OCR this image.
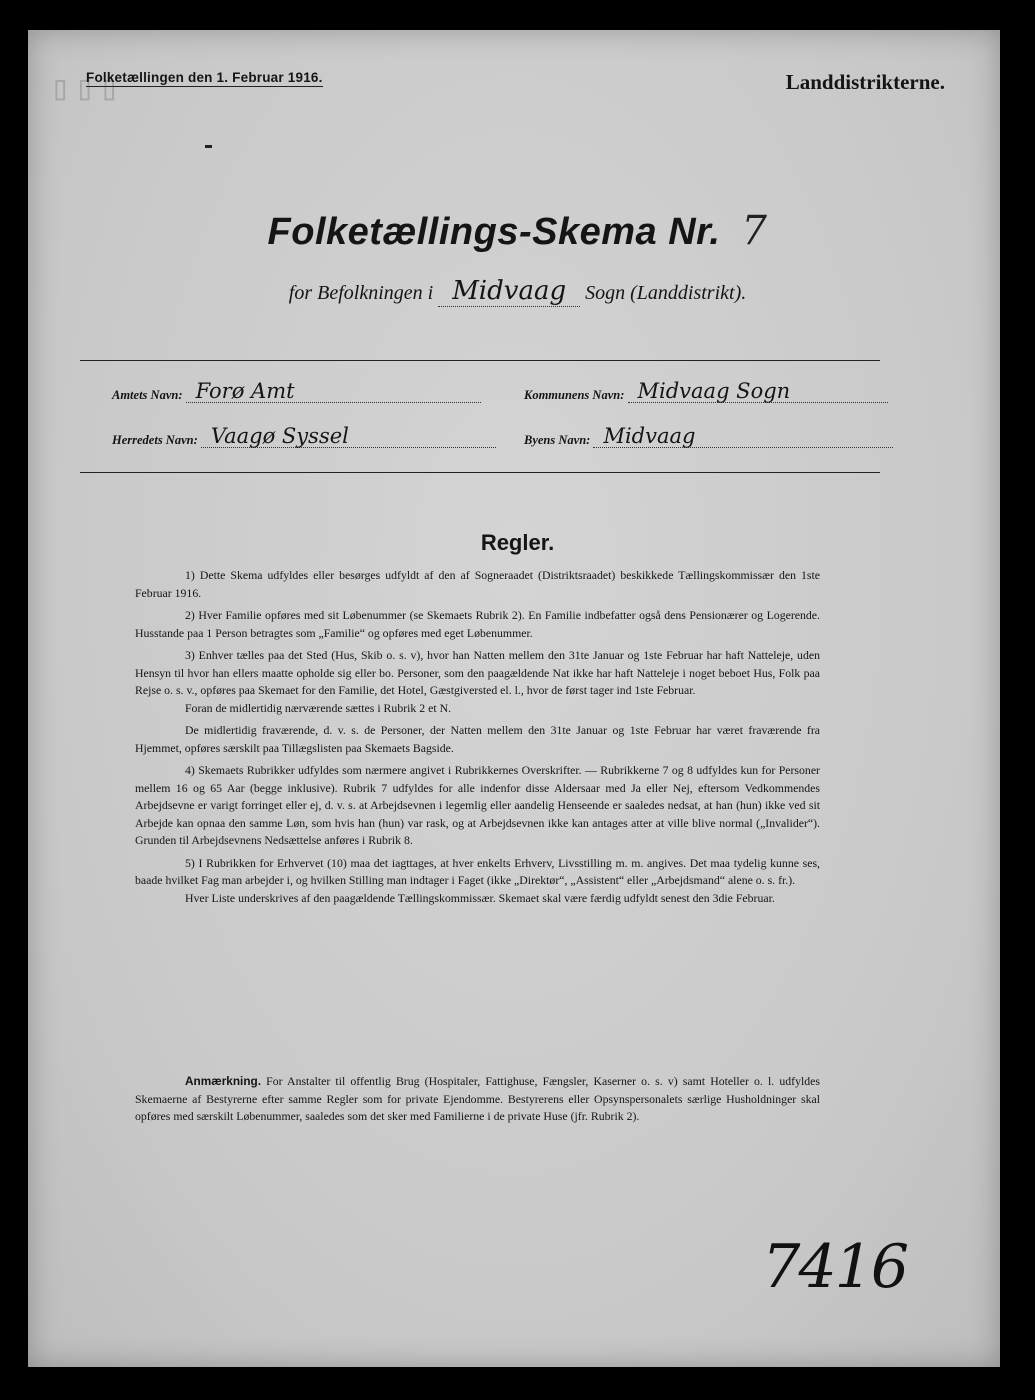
▯▯▯
Folketællingen den 1. Februar 1916.	Landdistrikterne.
Folketællings-Skema Nr. 7
for Befolkningen i Midvaag Sogn (Landdistrikt).
Amtets Navn: Forø Amt	Kommunens Navn: Midvaag Sogn
Herredets Navn: Vaagø Syssel	Byens Navn: Midvaag
Regler.

1) Dette Skema udfyldes eller besørges udfyldt af den af Sogneraadet (Distriktsraadet) beskikkede Tællingskommissær den 1ste Februar 1916.

2) Hver Familie opføres med sit Løbenummer (se Skemaets Rubrik 2). En Familie indbefatter også dens Pensionærer og Logerende. Husstande paa 1 Person betragtes som „Familie“ og opføres med eget Løbenummer.

3) Enhver tælles paa det Sted (Hus, Skib o. s. v), hvor han Natten mellem den 31te Januar og 1ste Februar har haft Natteleje, uden Hensyn til hvor han ellers maatte opholde sig eller bo. Personer, som den paagældende Nat ikke har haft Natteleje i noget beboet Hus, Folk paa Rejse o. s. v., opføres paa Skemaet for den Familie, det Hotel, Gæstgiversted el. l., hvor de først tager ind 1ste Februar.

Foran de midlertidig nærværende sættes i Rubrik 2 et N.

De midlertidig fraværende, d. v. s. de Personer, der Natten mellem den 31te Januar og 1ste Februar har været fraværende fra Hjemmet, opføres særskilt paa Tillægslisten paa Skemaets Bagside.

4) Skemaets Rubrikker udfyldes som nærmere angivet i Rubrikkernes Overskrifter. — Rubrikkerne 7 og 8 udfyldes kun for Personer mellem 16 og 65 Aar (begge inklusive). Rubrik 7 udfyldes for alle indenfor disse Aldersaar med Ja eller Nej, eftersom Vedkommendes Arbejdsevne er varigt forringet eller ej, d. v. s. at Arbejdsevnen i legemlig eller aandelig Henseende er saaledes nedsat, at han (hun) ikke ved sit Arbejde kan opnaa den samme Løn, som hvis han (hun) var rask, og at Arbejdsevnen ikke kan antages atter at ville blive normal („Invalider“). Grunden til Arbejdsevnens Nedsættelse anføres i Rubrik 8.

5) I Rubrikken for Erhvervet (10) maa det iagttages, at hver enkelts Erhverv, Livsstilling m. m. angives. Det maa tydelig kunne ses, baade hvilket Fag man arbejder i, og hvilken Stilling man indtager i Faget (ikke „Direktør“, „Assistent“ eller „Arbejdsmand“ alene o. s. fr.).

Hver Liste underskrives af den paagældende Tællingskommissær. Skemaet skal være færdig udfyldt senest den 3die Februar.

Anmærkning. For Anstalter til offentlig Brug (Hospitaler, Fattighuse, Fængsler, Kaserner o. s. v) samt Hoteller o. l. udfyldes Skemaerne af Bestyrerne efter samme Regler som for private Ejendomme. Bestyrerens eller Opsynspersonalets særlige Husholdninger skal opføres med særskilt Løbenummer, saaledes som det sker med Familierne i de private Huse (jfr. Rubrik 2).

7416
